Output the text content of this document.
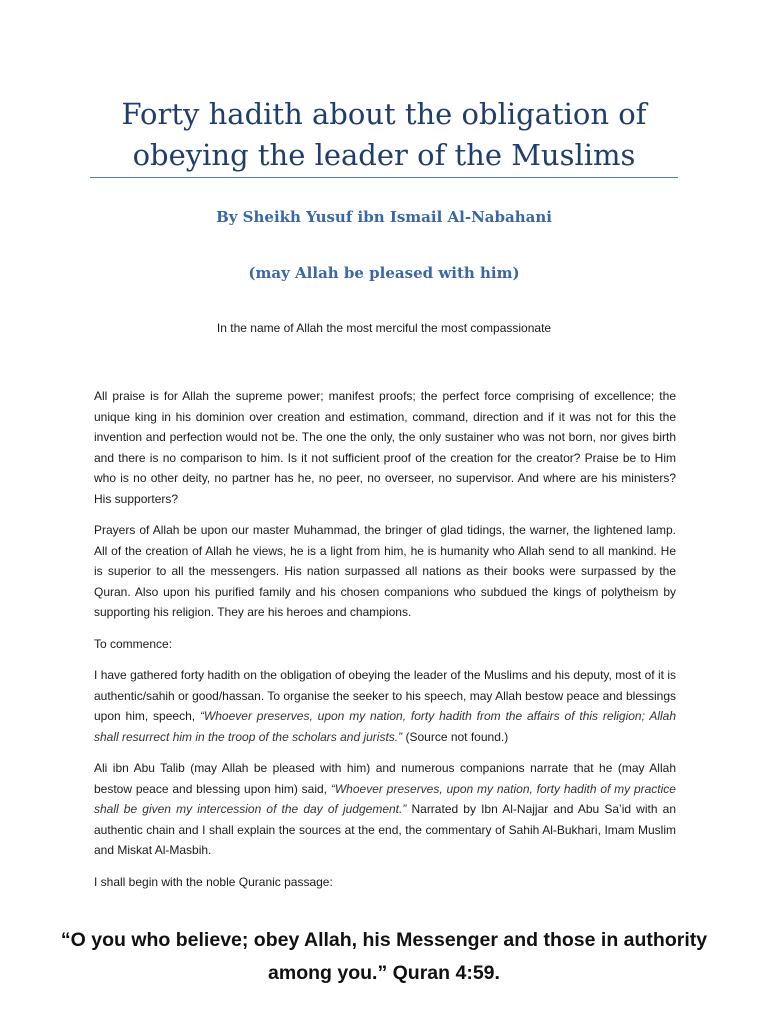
Forty hadith about the obligation of obeying the leader of the Muslims
By Sheikh Yusuf ibn Ismail Al-Nabahani
(may Allah be pleased with him)
In the name of Allah the most merciful the most compassionate

All praise is for Allah the supreme power; manifest proofs; the perfect force comprising of excellence; the unique king in his dominion over creation and estimation, command, direction and if it was not for this the invention and perfection would not be. The one the only, the only sustainer who was not born, nor gives birth and there is no comparison to him. Is it not sufficient proof of the creation for the creator? Praise be to Him who is no other deity, no partner has he, no peer, no overseer, no supervisor. And where are his ministers? His supporters?

Prayers of Allah be upon our master Muhammad, the bringer of glad tidings, the warner, the lightened lamp. All of the creation of Allah he views, he is a light from him, he is humanity who Allah send to all mankind. He is superior to all the messengers. His nation surpassed all nations as their books were surpassed by the Quran. Also upon his purified family and his chosen companions who subdued the kings of polytheism by supporting his religion. They are his heroes and champions.

To commence:

I have gathered forty hadith on the obligation of obeying the leader of the Muslims and his deputy, most of it is authentic/sahih or good/hassan. To organise the seeker to his speech, may Allah bestow peace and blessings upon him, speech, “Whoever preserves, upon my nation, forty hadith from the affairs of this religion; Allah shall resurrect him in the troop of the scholars and jurists.” (Source not found.)

Ali ibn Abu Talib (may Allah be pleased with him) and numerous companions narrate that he (may Allah bestow peace and blessing upon him) said, “Whoever preserves, upon my nation, forty hadith of my practice shall be given my intercession of the day of judgement.” Narrated by Ibn Al-Najjar and Abu Sa’id with an authentic chain and I shall explain the sources at the end, the commentary of Sahih Al-Bukhari, Imam Muslim and Miskat Al-Masbih.

I shall begin with the noble Quranic passage:

“O you who believe; obey Allah, his Messenger and those in authority among you.” Quran 4:59.
